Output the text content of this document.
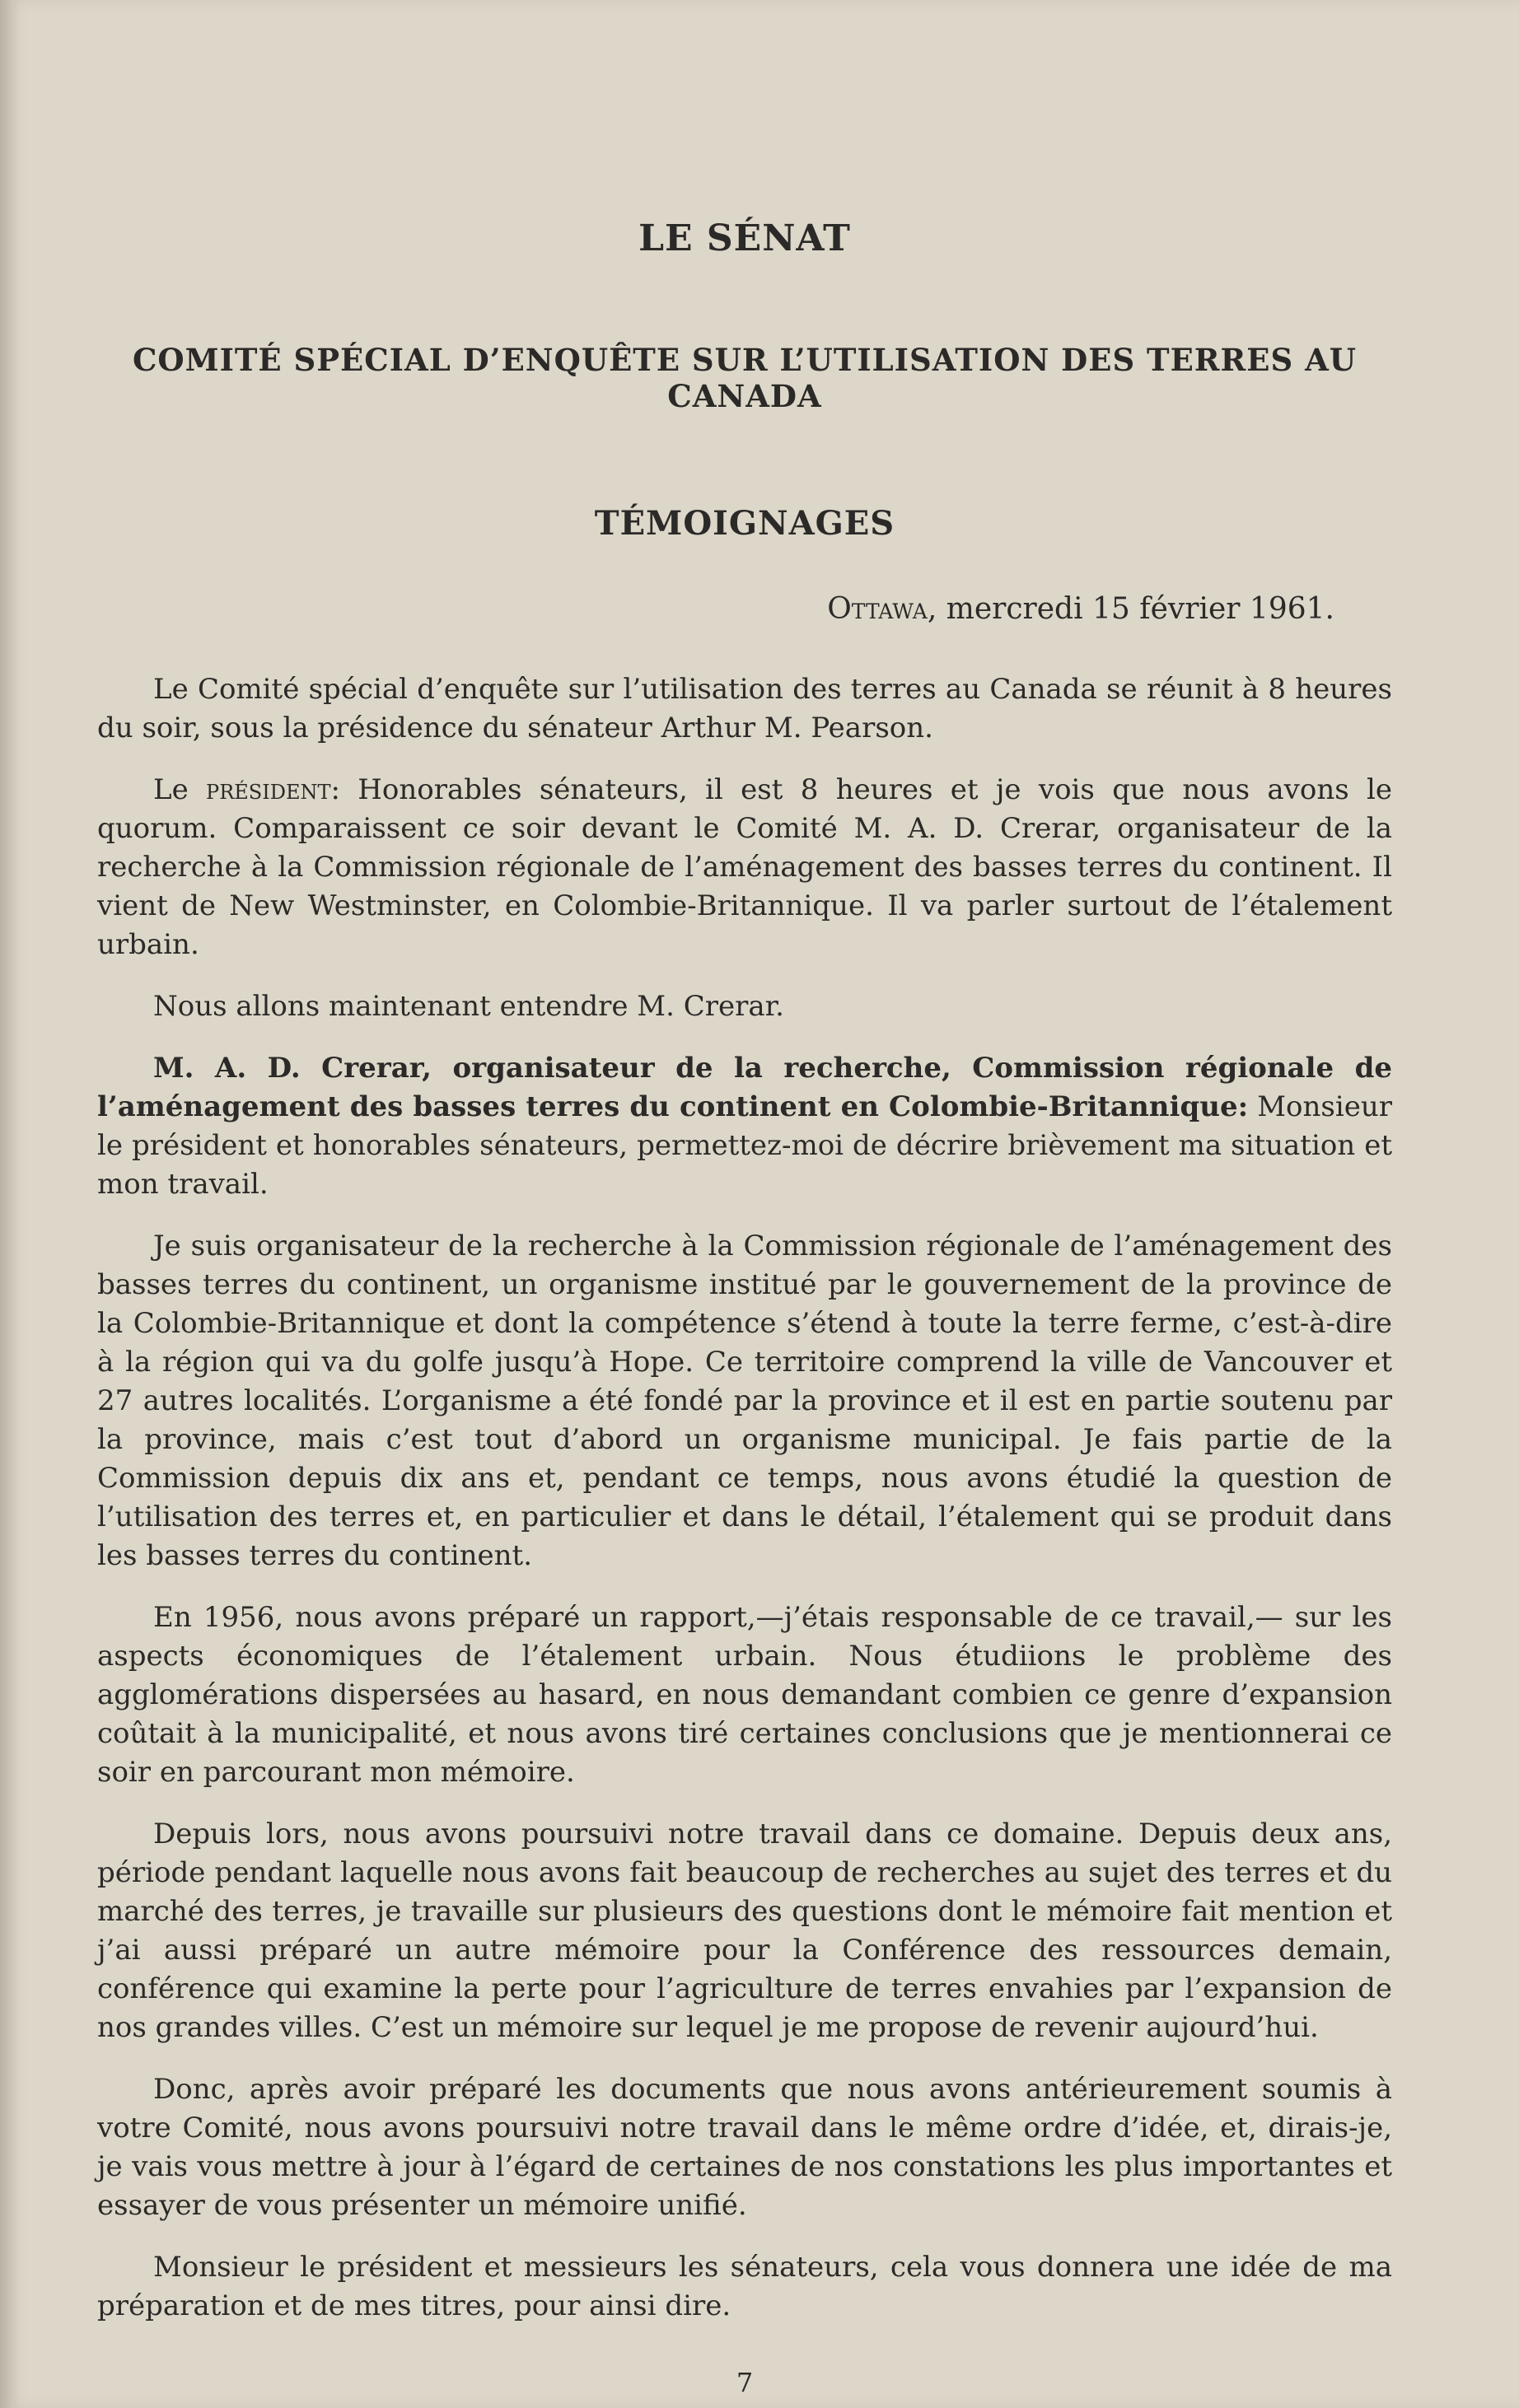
LE SÉNAT
COMITÉ SPÉCIAL D’ENQUÊTE SUR L’UTILISATION DES TERRES AU CANADA
TÉMOIGNAGES
Ottawa, mercredi 15 février 1961.

Le Comité spécial d’enquête sur l’utilisation des terres au Canada se réunit à 8 heures du soir, sous la présidence du sénateur Arthur M. Pearson.

Le président: Honorables sénateurs, il est 8 heures et je vois que nous avons le quorum. Comparaissent ce soir devant le Comité M. A. D. Crerar, organisateur de la recherche à la Commission régionale de l’aménagement des basses terres du continent. Il vient de New Westminster, en Colombie-Britannique. Il va parler surtout de l’étalement urbain.

Nous allons maintenant entendre M. Crerar.

M. A. D. Crerar, organisateur de la recherche, Commission régionale de l’aménagement des basses terres du continent en Colombie-Britannique: Monsieur le président et honorables sénateurs, permettez-moi de décrire brièvement ma situation et mon travail.

Je suis organisateur de la recherche à la Commission régionale de l’aménagement des basses terres du continent, un organisme institué par le gouvernement de la province de la Colombie-Britannique et dont la compétence s’étend à toute la terre ferme, c’est-à-dire à la région qui va du golfe jusqu’à Hope. Ce territoire comprend la ville de Vancouver et 27 autres localités. L’organisme a été fondé par la province et il est en partie soutenu par la province, mais c’est tout d’abord un organisme municipal. Je fais partie de la Commission depuis dix ans et, pendant ce temps, nous avons étudié la question de l’utilisation des terres et, en particulier et dans le détail, l’étalement qui se produit dans les basses terres du continent.

En 1956, nous avons préparé un rapport,—j’étais responsable de ce travail,— sur les aspects économiques de l’étalement urbain. Nous étudiions le problème des agglomérations dispersées au hasard, en nous demandant combien ce genre d’expansion coûtait à la municipalité, et nous avons tiré certaines conclusions que je mentionnerai ce soir en parcourant mon mémoire.

Depuis lors, nous avons poursuivi notre travail dans ce domaine. Depuis deux ans, période pendant laquelle nous avons fait beaucoup de recherches au sujet des terres et du marché des terres, je travaille sur plusieurs des questions dont le mémoire fait mention et j’ai aussi préparé un autre mémoire pour la Conférence des ressources demain, conférence qui examine la perte pour l’agriculture de terres envahies par l’expansion de nos grandes villes. C’est un mémoire sur lequel je me propose de revenir aujourd’hui.

Donc, après avoir préparé les documents que nous avons antérieurement soumis à votre Comité, nous avons poursuivi notre travail dans le même ordre d’idée, et, dirais-je, je vais vous mettre à jour à l’égard de certaines de nos constations les plus importantes et essayer de vous présenter un mémoire unifié.

Monsieur le président et messieurs les sénateurs, cela vous donnera une idée de ma préparation et de mes titres, pour ainsi dire.

7
